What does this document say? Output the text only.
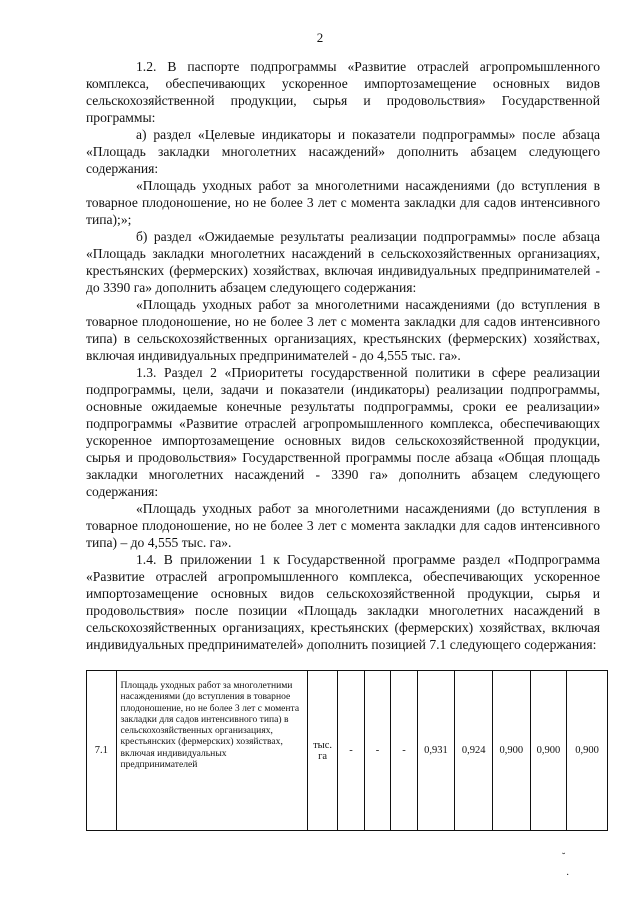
2

1.2. В паспорте подпрограммы «Развитие отраслей агропромышленного комплекса, обеспечивающих ускоренное импортозамещение основных видов сельскохозяйственной продукции, сырья и продовольствия» Государственной программы:

а) раздел «Целевые индикаторы и показатели подпрограммы» после абзаца «Площадь закладки многолетних насаждений» дополнить абзацем следующего содержания:

«Площадь уходных работ за многолетними насаждениями (до вступления в товарное плодоношение, но не более 3 лет с момента закладки для садов интенсивного типа);»;

б) раздел «Ожидаемые результаты реализации подпрограммы» после абзаца «Площадь закладки многолетних насаждений в сельскохозяйственных организациях, крестьянских (фермерских) хозяйствах, включая индивидуальных предпринимателей - до 3390 га» дополнить абзацем следующего содержания:

«Площадь уходных работ за многолетними насаждениями (до вступления в товарное плодоношение, но не более 3 лет с момента закладки для садов интенсивного типа) в сельскохозяйственных организациях, крестьянских (фермерских) хозяйствах, включая индивидуальных предпринимателей - до 4,555 тыс. га».

1.3. Раздел 2 «Приоритеты государственной политики в сфере реализации подпрограммы, цели, задачи и показатели (индикаторы) реализации подпрограммы, основные ожидаемые конечные результаты подпрограммы, сроки ее реализации» подпрограммы «Развитие отраслей агропромышленного комплекса, обеспечивающих ускоренное импортозамещение основных видов сельскохозяйственной продукции, сырья и продовольствия» Государственной программы после абзаца «Общая площадь закладки многолетних насаждений - 3390 га» дополнить абзацем следующего содержания:

«Площадь уходных работ за многолетними насаждениями (до вступления в товарное плодоношение, но не более 3 лет с момента закладки для садов интенсивного типа) – до 4,555 тыс. га».

1.4. В приложении 1 к Государственной программе раздел «Подпрограмма «Развитие отраслей агропромышленного комплекса, обеспечивающих ускоренное импортозамещение основных видов сельскохозяйственной продукции, сырья и продовольствия» после позиции «Площадь закладки многолетних насаждений в сельскохозяйственных организациях, крестьянских (фермерских) хозяйствах, включая индивидуальных предпринимателей» дополнить позицией 7.1 следующего содержания:

7.1	Площадь уходных работ за многолетними насаждениями (до вступления в товарное плодоношение, но не более 3 лет с момента закладки для садов интенсивного типа) в сельскохозяйственных организациях, крестьянских (фермерских) хозяйствах, включая индивидуальных предпринимателей	тыс. га	-	-	-	0,931	0,924	0,900	0,900	0,900
˘
·
